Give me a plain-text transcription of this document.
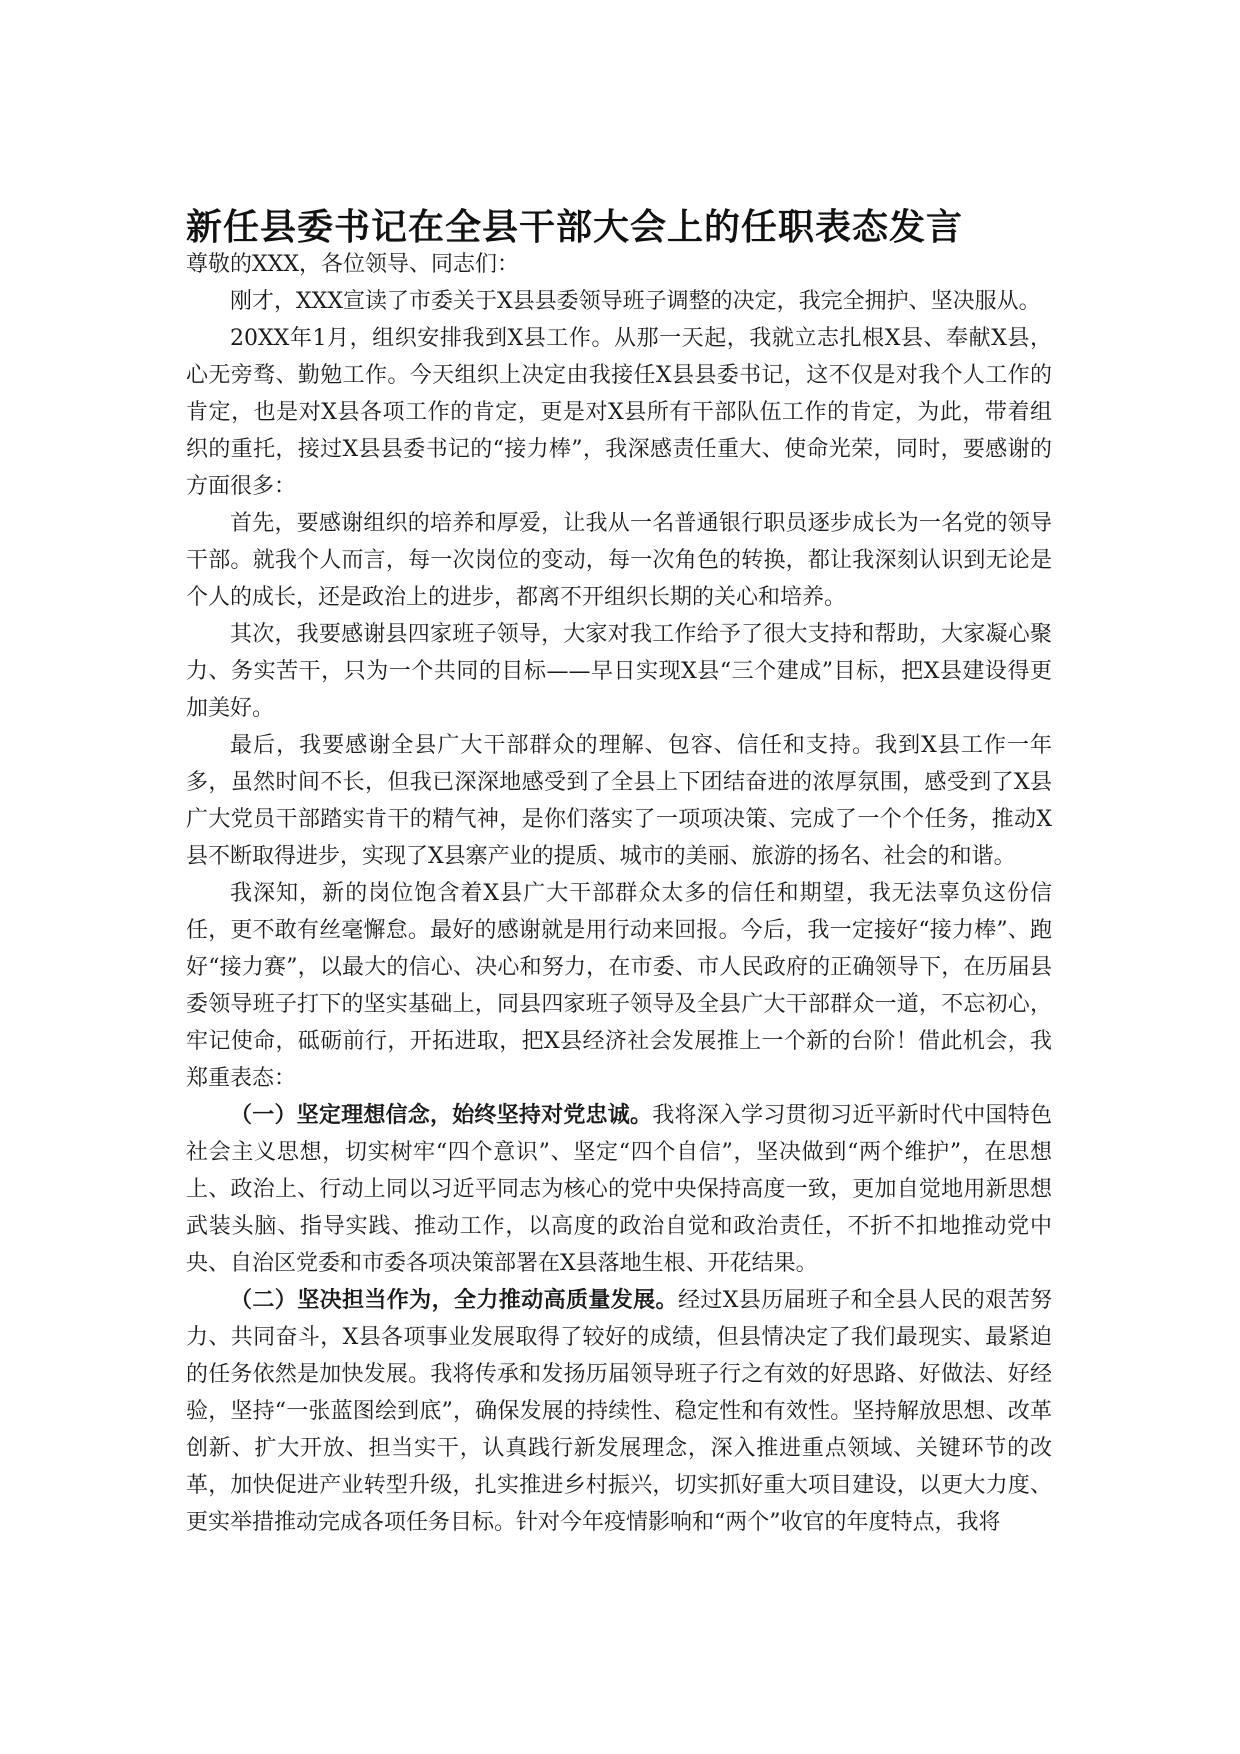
新任县委书记在全县干部大会上的任职表态发言

尊敬的XXX，各位领导、同志们：

刚才，XXX宣读了市委关于X县县委领导班子调整的决定，我完全拥护、坚决服从。

20XX年1月，组织安排我到X县工作。从那一天起，我就立志扎根X县、奉献X县，心无旁骛、勤勉工作。今天组织上决定由我接任X县县委书记，这不仅是对我个人工作的肯定，也是对X县各项工作的肯定，更是对X县所有干部队伍工作的肯定，为此，带着组织的重托，接过X县县委书记的“接力棒”，我深感责任重大、使命光荣，同时，要感谢的方面很多：

首先，要感谢组织的培养和厚爱，让我从一名普通银行职员逐步成长为一名党的领导干部。就我个人而言，每一次岗位的变动，每一次角色的转换，都让我深刻认识到无论是个人的成长，还是政治上的进步，都离不开组织长期的关心和培养。

其次，我要感谢县四家班子领导，大家对我工作给予了很大支持和帮助，大家凝心聚力、务实苦干，只为一个共同的目标——早日实现X县“三个建成”目标，把X县建设得更加美好。

最后，我要感谢全县广大干部群众的理解、包容、信任和支持。我到X县工作一年多，虽然时间不长，但我已深深地感受到了全县上下团结奋进的浓厚氛围，感受到了X县广大党员干部踏实肯干的精气神，是你们落实了一项项决策、完成了一个个任务，推动X县不断取得进步，实现了X县寨产业的提质、城市的美丽、旅游的扬名、社会的和谐。

我深知，新的岗位饱含着X县广大干部群众太多的信任和期望，我无法辜负这份信任，更不敢有丝毫懈怠。最好的感谢就是用行动来回报。今后，我一定接好“接力棒”、跑好“接力赛”，以最大的信心、决心和努力，在市委、市人民政府的正确领导下，在历届县委领导班子打下的坚实基础上，同县四家班子领导及全县广大干部群众一道，不忘初心，牢记使命，砥砺前行，开拓进取，把X县经济社会发展推上一个新的台阶！借此机会，我郑重表态：

（一）坚定理想信念，始终坚持对党忠诚。我将深入学习贯彻习近平新时代中国特色社会主义思想，切实树牢“四个意识”、坚定“四个自信”，坚决做到“两个维护”，在思想上、政治上、行动上同以习近平同志为核心的党中央保持高度一致，更加自觉地用新思想武装头脑、指导实践、推动工作，以高度的政治自觉和政治责任，不折不扣地推动党中央、自治区党委和市委各项决策部署在X县落地生根、开花结果。

（二）坚决担当作为，全力推动高质量发展。经过X县历届班子和全县人民的艰苦努力、共同奋斗，X县各项事业发展取得了较好的成绩，但县情决定了我们最现实、最紧迫的任务依然是加快发展。我将传承和发扬历届领导班子行之有效的好思路、好做法、好经验，坚持“一张蓝图绘到底”，确保发展的持续性、稳定性和有效性。坚持解放思想、改革创新、扩大开放、担当实干，认真践行新发展理念，深入推进重点领域、关键环节的改革，加快促进产业转型升级，扎实推进乡村振兴，切实抓好重大项目建设，以更大力度、更实举措推动完成各项任务目标。针对今年疫情影响和“两个”收官的年度特点，我将
